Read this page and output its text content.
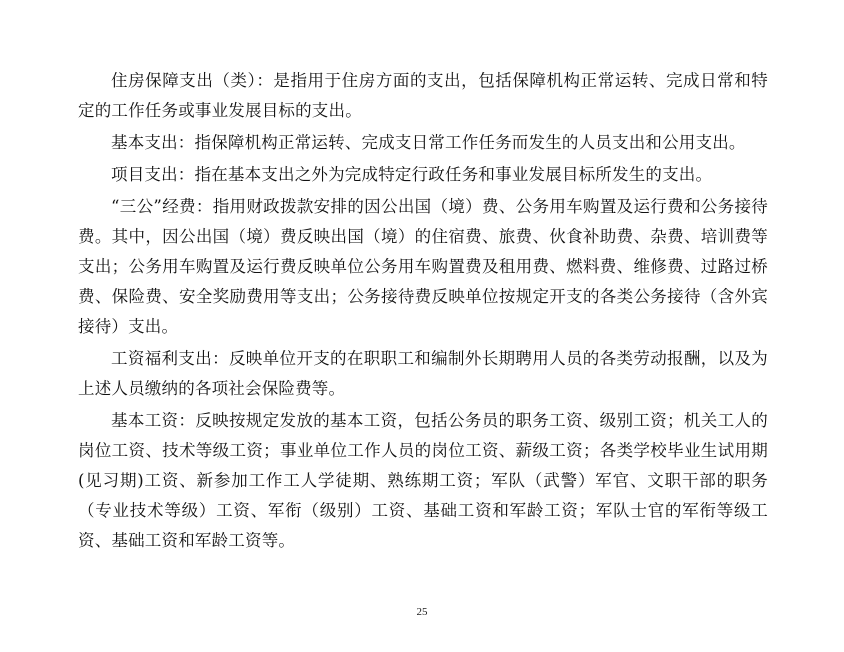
住房保障支出（类）：是指用于住房方面的支出，包括保障机构正常运转、完成日常和特定的工作任务或事业发展目标的支出。

基本支出：指保障机构正常运转、完成支日常工作任务而发生的人员支出和公用支出。

项目支出：指在基本支出之外为完成特定行政任务和事业发展目标所发生的支出。

“三公”经费：指用财政拨款安排的因公出国（境）费、公务用车购置及运行费和公务接待费。其中，因公出国（境）费反映出国（境）的住宿费、旅费、伙食补助费、杂费、培训费等支出；公务用车购置及运行费反映单位公务用车购置费及租用费、燃料费、维修费、过路过桥费、保险费、安全奖励费用等支出；公务接待费反映单位按规定开支的各类公务接待（含外宾接待）支出。

工资福利支出：反映单位开支的在职职工和编制外长期聘用人员的各类劳动报酬，以及为上述人员缴纳的各项社会保险费等。

基本工资：反映按规定发放的基本工资，包括公务员的职务工资、级别工资；机关工人的岗位工资、技术等级工资；事业单位工作人员的岗位工资、薪级工资；各类学校毕业生试用期(见习期)工资、新参加工作工人学徒期、熟练期工资；军队（武警）军官、文职干部的职务（专业技术等级）工资、军衔（级别）工资、基础工资和军龄工资；军队士官的军衔等级工资、基础工资和军龄工资等。

25
